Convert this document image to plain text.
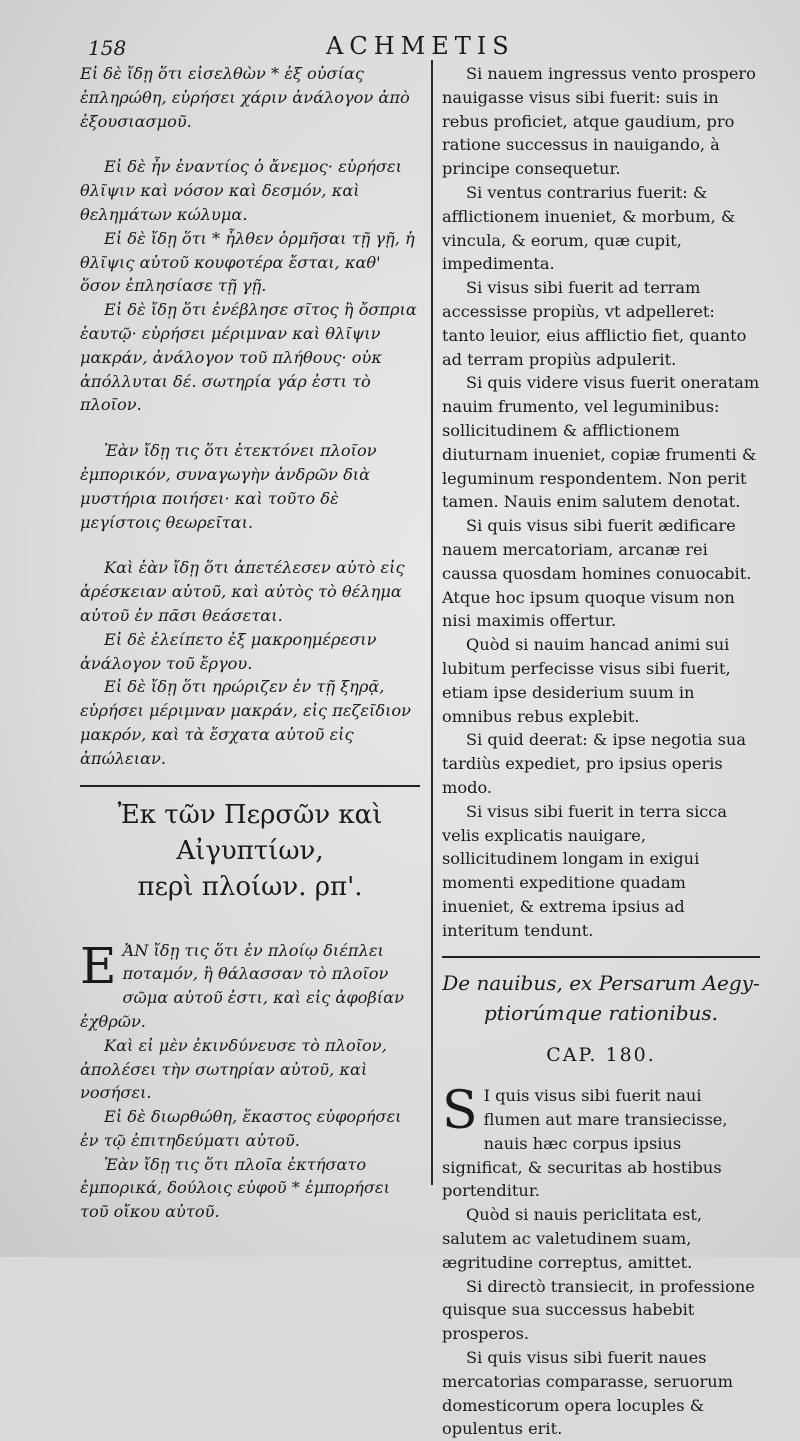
158	ACHMETIS

Εἰ δὲ ἴδῃ ὅτι εἰσελθὼν * ἐξ οὐσίας ἐπληρώθη, εὑρήσει χάριν ἀνάλογον ἀπὸ ἐξουσιασμοῦ.

Εἰ δὲ ἦν ἐναντίος ὁ ἄνεμος· εὑρήσει θλῖψιν καὶ νόσον καὶ δεσμόν, καὶ θελημάτων κώλυμα.

Εἰ δὲ ἴδῃ ὅτι * ἦλθεν ὁρμῆσαι τῇ γῇ, ἡ θλῖψις αὐτοῦ κουφοτέρα ἔσται, καθ' ὅσον ἐπλησίασε τῇ γῇ.

Εἰ δὲ ἴδῃ ὅτι ἐνέβλησε σῖτος ἢ ὄσπρια ἑαυτῷ· εὑρήσει μέριμναν καὶ θλῖψιν μακράν, ἀνάλογον τοῦ πλήθους· οὐκ ἀπόλλυται δέ. σωτηρία γάρ ἐστι τὸ πλοῖον.

Ἐὰν ἴδῃ τις ὅτι ἐτεκτόνει πλοῖον ἐμπορικόν, συναγωγὴν ἀνδρῶν διὰ μυστήρια ποιήσει· καὶ τοῦτο δὲ μεγίστοις θεωρεῖται.

Καὶ ἐὰν ἴδῃ ὅτι ἀπετέλεσεν αὐτὸ εἰς ἀρέσκειαν αὐτοῦ, καὶ αὐτὸς τὸ θέλημα αὐτοῦ ἐν πᾶσι θεάσεται.

Εἰ δὲ ἐλείπετο ἐξ μακροημέρεσιν ἀνάλογον τοῦ ἔργου.

Εἰ δὲ ἴδῃ ὅτι ηρώριζεν ἐν τῇ ξηρᾷ, εὑρήσει μέριμναν μακράν, εἰς πεζεῖδιον μακρόν, καὶ τὰ ἔσχατα αὐτοῦ εἰς ἀπώλειαν.

Ἐκ τῶν Περσῶν καὶ Αἰγυπτίων,
περὶ πλοίων. ρπ'.

ΕἈΝ ἴδῃ τις ὅτι ἐν πλοίῳ διέπλει ποταμόν, ἢ θάλασσαν τὸ πλοῖον σῶμα αὐτοῦ ἐστι, καὶ εἰς ἀφοβίαν ἐχθρῶν.

Καὶ εἰ μὲν ἐκινδύνευσε τὸ πλοῖον, ἀπολέσει τὴν σωτηρίαν αὐτοῦ, καὶ νοσήσει.

Εἰ δὲ διωρθώθη, ἕκαστος εὐφορήσει ἐν τῷ ἐπιτηδεύματι αὐτοῦ.

Ἐὰν ἴδῃ τις ὅτι πλοῖα ἐκτήσατο ἐμπορικά, δούλοις εὐφοῦ * ἐμπορήσει τοῦ οἴκου αὐτοῦ.

Si nauem ingressus vento prospero nauigasse visus sibi fuerit: suis in rebus proficiet, atque gaudium, pro ratione successus in nauigando, à principe consequetur.

Si ventus contrarius fuerit: & afflictionem inueniet, & morbum, & vincula, & eorum, quæ cupit, impedimenta.

Si visus sibi fuerit ad terram accessisse propiùs, vt adpelleret: tanto leuior, eius afflictio fiet, quanto ad terram propiùs adpulerit.

Si quis videre visus fuerit oneratam nauim frumento, vel leguminibus: sollicitudinem & afflictionem diuturnam inueniet, copiæ frumenti & leguminum respondentem. Non perit tamen. Nauis enim salutem denotat.

Si quis visus sibi fuerit ædificare nauem mercatoriam, arcanæ rei caussa quosdam homines conuocabit. Atque hoc ipsum quoque visum non nisi maximis offertur.

Quòd si nauim hancad animi sui lubitum perfecisse visus sibi fuerit, etiam ipse desiderium suum in omnibus rebus explebit.

Si quid deerat: & ipse negotia sua tardiùs expediet, pro ipsius operis modo.

Si visus sibi fuerit in terra sicca velis explicatis nauigare, sollicitudinem longam in exigui momenti expeditione quadam inueniet, & extrema ipsius ad interitum tendunt.

De nauibus, ex Persarum Aegy-
ptiorúmque rationibus.
CAP. 180.

S I quis visus sibi fuerit naui flumen aut mare transiecisse, nauis hæc corpus ipsius significat, & securitas ab hostibus portenditur.

Quòd si nauis periclitata est, salutem ac valetudinem suam, ægritudine correptus, amittet.

Si directò transiecit, in professione quisque sua successus habebit prosperos.

Si quis visus sibi fuerit naues mercatorias comparasse, seruorum domesticorum opera locuples & opulentus erit.
